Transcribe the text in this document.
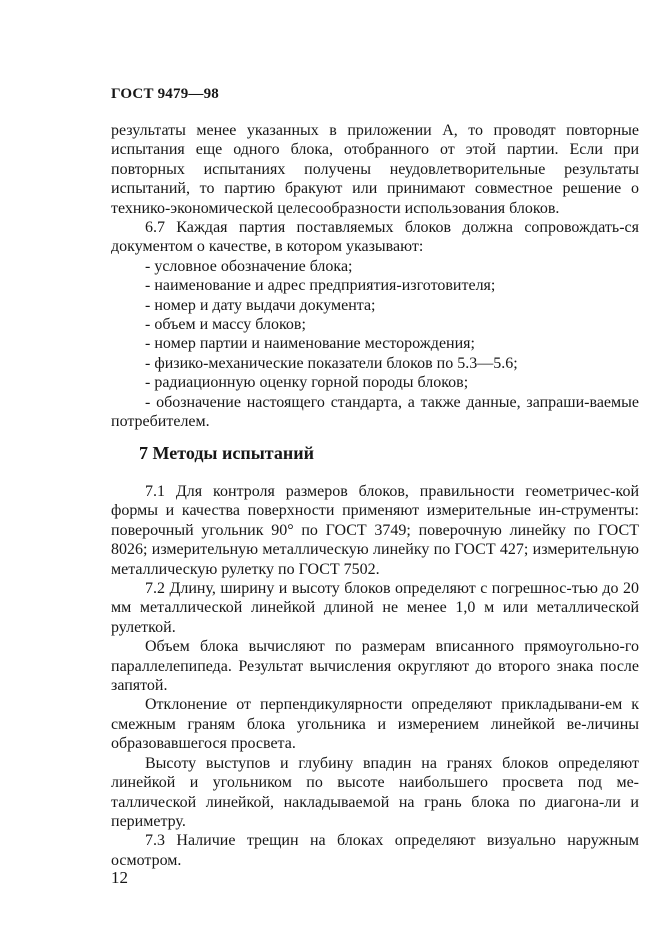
ГОСТ 9479—98

результаты менее указанных в приложении А, то проводят повторные испытания еще одного блока, отобранного от этой партии. Если при повторных испытаниях получены неудовлетворительные результаты испытаний, то партию бракуют или принимают совместное решение о технико-экономической целесообразности использования блоков.

6.7 Каждая партия поставляемых блоков должна сопровождать-ся документом о качестве, в котором указывают:

- условное обозначение блока;
- наименование и адрес предприятия-изготовителя;
- номер и дату выдачи документа;
- объем и массу блоков;
- номер партии и наименование месторождения;
- физико-механические показатели блоков по 5.3—5.6;
- радиационную оценку горной породы блоков;
- обозначение настоящего стандарта, а также данные, запраши-ваемые потребителем.
7 Методы испытаний

7.1 Для контроля размеров блоков, правильности геометричес-кой формы и качества поверхности применяют измерительные ин-струменты: поверочный угольник 90° по ГОСТ 3749; поверочную линейку по ГОСТ 8026; измерительную металлическую линейку по ГОСТ 427; измерительную металлическую рулетку по ГОСТ 7502.

7.2 Длину, ширину и высоту блоков определяют с погрешнос-тью до 20 мм металлической линейкой длиной не менее 1,0 м или металлической рулеткой.

Объем блока вычисляют по размерам вписанного прямоугольно-го параллелепипеда. Результат вычисления округляют до второго знака после запятой.

Отклонение от перпендикулярности определяют прикладывани-ем к смежным граням блока угольника и измерением линейкой ве-личины образовавшегося просвета.

Высоту выступов и глубину впадин на гранях блоков определяют линейкой и угольником по высоте наибольшего просвета под ме-таллической линейкой, накладываемой на грань блока по диагона-ли и периметру.

7.3 Наличие трещин на блоках определяют визуально наружным осмотром.

12
